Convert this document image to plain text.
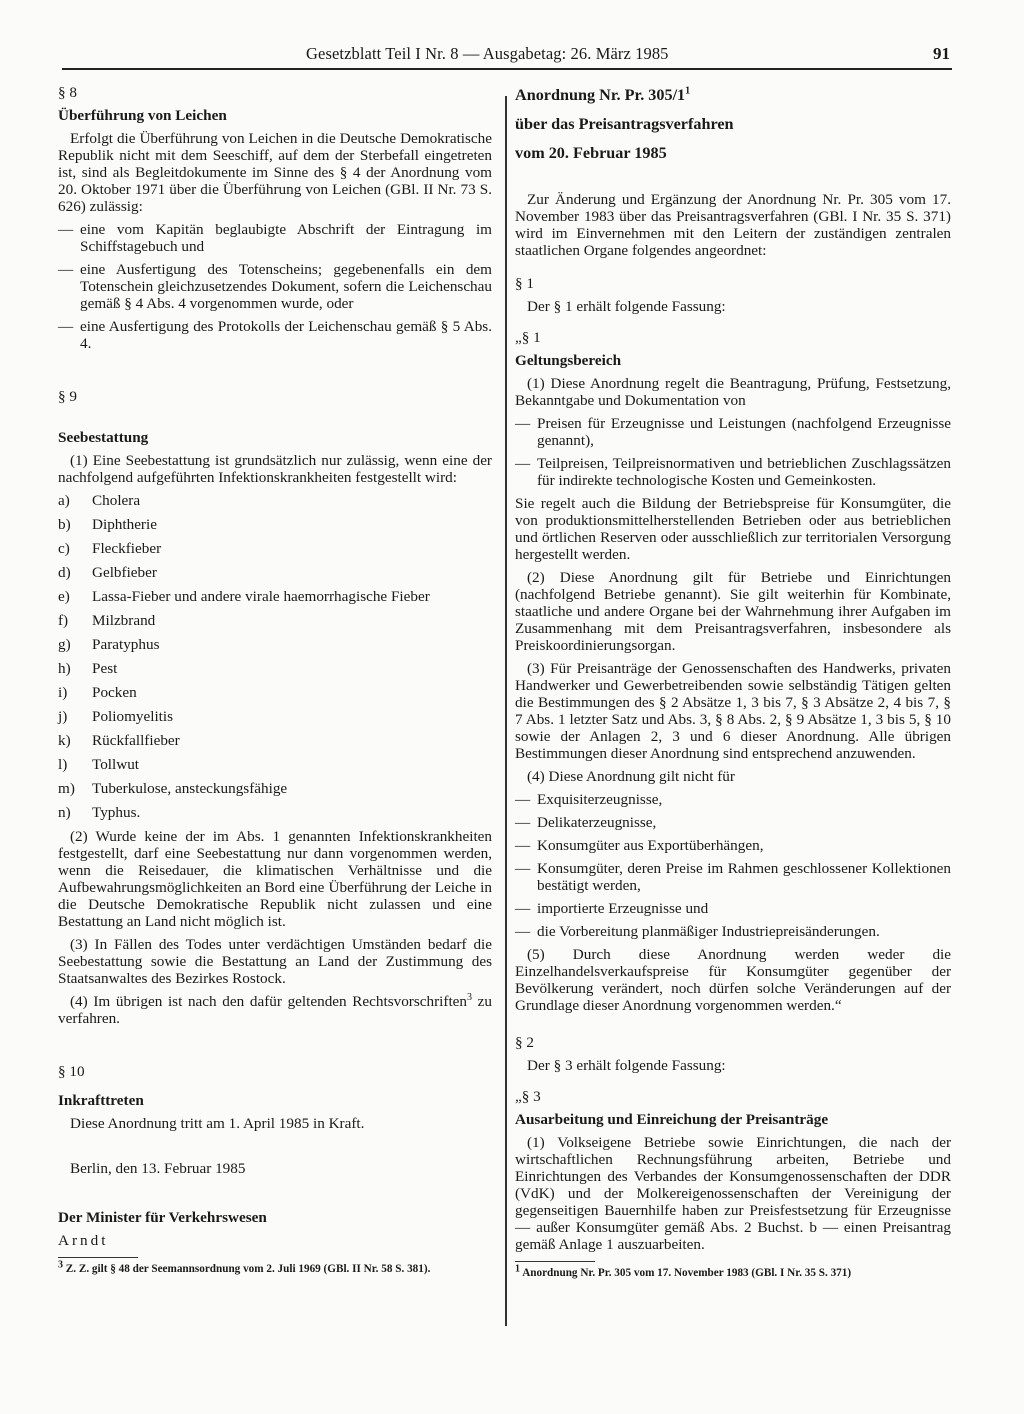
Gesetzblatt Teil I Nr. 8 — Ausgabetag: 26. März 1985	91

§ 8

Überführung von Leichen

Erfolgt die Überführung von Leichen in die Deutsche Demokratische Republik nicht mit dem Seeschiff, auf dem der Sterbefall eingetreten ist, sind als Begleitdokumente im Sinne des § 4 der Anordnung vom 20. Oktober 1971 über die Überführung von Leichen (GBl. II Nr. 73 S. 626) zulässig:

— eine vom Kapitän beglaubigte Abschrift der Eintragung im Schiffstagebuch und
— eine Ausfertigung des Totenscheins; gegebenenfalls ein dem Totenschein gleichzusetzendes Dokument, sofern die Leichenschau gemäß § 4 Abs. 4 vorgenommen wurde, oder
— eine Ausfertigung des Protokolls der Leichenschau gemäß § 5 Abs. 4.

§ 9

Seebestattung

(1) Eine Seebestattung ist grundsätzlich nur zulässig, wenn eine der nachfolgend aufgeführten Infektionskrankheiten festgestellt wird:

a) Cholera
b) Diphtherie
c) Fleckfieber
d) Gelbfieber
e) Lassa-Fieber und andere virale haemorrhagische Fieber
f) Milzbrand
g) Paratyphus
h) Pest
i) Pocken
j) Poliomyelitis
k) Rückfallfieber
l) Tollwut
m) Tuberkulose, ansteckungsfähige
n) Typhus.

(2) Wurde keine der im Abs. 1 genannten Infektionskrankheiten festgestellt, darf eine Seebestattung nur dann vorgenommen werden, wenn die Reisedauer, die klimatischen Verhältnisse und die Aufbewahrungsmöglichkeiten an Bord eine Überführung der Leiche in die Deutsche Demokratische Republik nicht zulassen und eine Bestattung an Land nicht möglich ist.

(3) In Fällen des Todes unter verdächtigen Umständen bedarf die Seebestattung sowie die Bestattung an Land der Zustimmung des Staatsanwaltes des Bezirkes Rostock.

(4) Im übrigen ist nach den dafür geltenden Rechtsvorschriften$^3$ zu verfahren.

§ 10

Inkrafttreten

Diese Anordnung tritt am 1. April 1985 in Kraft.

Berlin, den 13. Februar 1985

Der Minister für Verkehrswesen

Arndt

$^3$ Z. Z. gilt § 48 der Seemannsordnung vom 2. Juli 1969 (GBl. II Nr. 58 S. 381).

Anordnung Nr. Pr. $305/1^1$

über das Preisantragsverfahren

vom 20. Februar 1985

Zur Änderung und Ergänzung der Anordnung Nr. Pr. 305 vom 17. November 1983 über das Preisantragsverfahren (GBl. I Nr. 35 S. 371) wird im Einvernehmen mit den Leitern der zuständigen zentralen staatlichen Organe folgendes angeordnet:

§ 1

Der § 1 erhält folgende Fassung:

„§ 1

Geltungsbereich

(1) Diese Anordnung regelt die Beantragung, Prüfung, Festsetzung, Bekanntgabe und Dokumentation von

— Preisen für Erzeugnisse und Leistungen (nachfolgend Erzeugnisse genannt),
— Teilpreisen, Teilpreisnormativen und betrieblichen Zuschlagssätzen für indirekte technologische Kosten und Gemeinkosten.

Sie regelt auch die Bildung der Betriebspreise für Konsumgüter, die von produktionsmittelherstellenden Betrieben oder aus betrieblichen und örtlichen Reserven oder ausschließlich zur territorialen Versorgung hergestellt werden.

(2) Diese Anordnung gilt für Betriebe und Einrichtungen (nachfolgend Betriebe genannt). Sie gilt weiterhin für Kombinate, staatliche und andere Organe bei der Wahrnehmung ihrer Aufgaben im Zusammenhang mit dem Preisantragsverfahren, insbesondere als Preiskoordinierungsorgan.

(3) Für Preisanträge der Genossenschaften des Handwerks, privaten Handwerker und Gewerbetreibenden sowie selbständig Tätigen gelten die Bestimmungen des § 2 Absätze 1, 3 bis 7, § 3 Absätze 2, 4 bis 7, § 7 Abs. 1 letzter Satz und Abs. 3, § 8 Abs. 2, § 9 Absätze 1, 3 bis 5, § 10 sowie der Anlagen 2, 3 und 6 dieser Anordnung. Alle übrigen Bestimmungen dieser Anordnung sind entsprechend anzuwenden.

(4) Diese Anordnung gilt nicht für

— Exquisiterzeugnisse,
— Delikaterzeugnisse,
— Konsumgüter aus Exportüberhängen,
— Konsumgüter, deren Preise im Rahmen geschlossener Kollektionen bestätigt werden,
— importierte Erzeugnisse und
— die Vorbereitung planmäßiger Industriepreisänderungen.

(5) Durch diese Anordnung werden weder die Einzelhandelsverkaufspreise für Konsumgüter gegenüber der Bevölkerung verändert, noch dürfen solche Veränderungen auf der Grundlage dieser Anordnung vorgenommen werden.“

§ 2

Der § 3 erhält folgende Fassung:

„§ 3

Ausarbeitung und Einreichung der Preisanträge

(1) Volkseigene Betriebe sowie Einrichtungen, die nach der wirtschaftlichen Rechnungsführung arbeiten, Betriebe und Einrichtungen des Verbandes der Konsumgenossenschaften der DDR (VdK) und der Molkereigenossenschaften der Vereinigung der gegenseitigen Bauernhilfe haben zur Preisfestsetzung für Erzeugnisse — außer Konsumgüter gemäß Abs. 2 Buchst. b — einen Preisantrag gemäß Anlage 1 auszuarbeiten.

$^1$ Anordnung Nr. Pr. 305 vom 17. November 1983 (GBl. I Nr. 35 S. 371)
